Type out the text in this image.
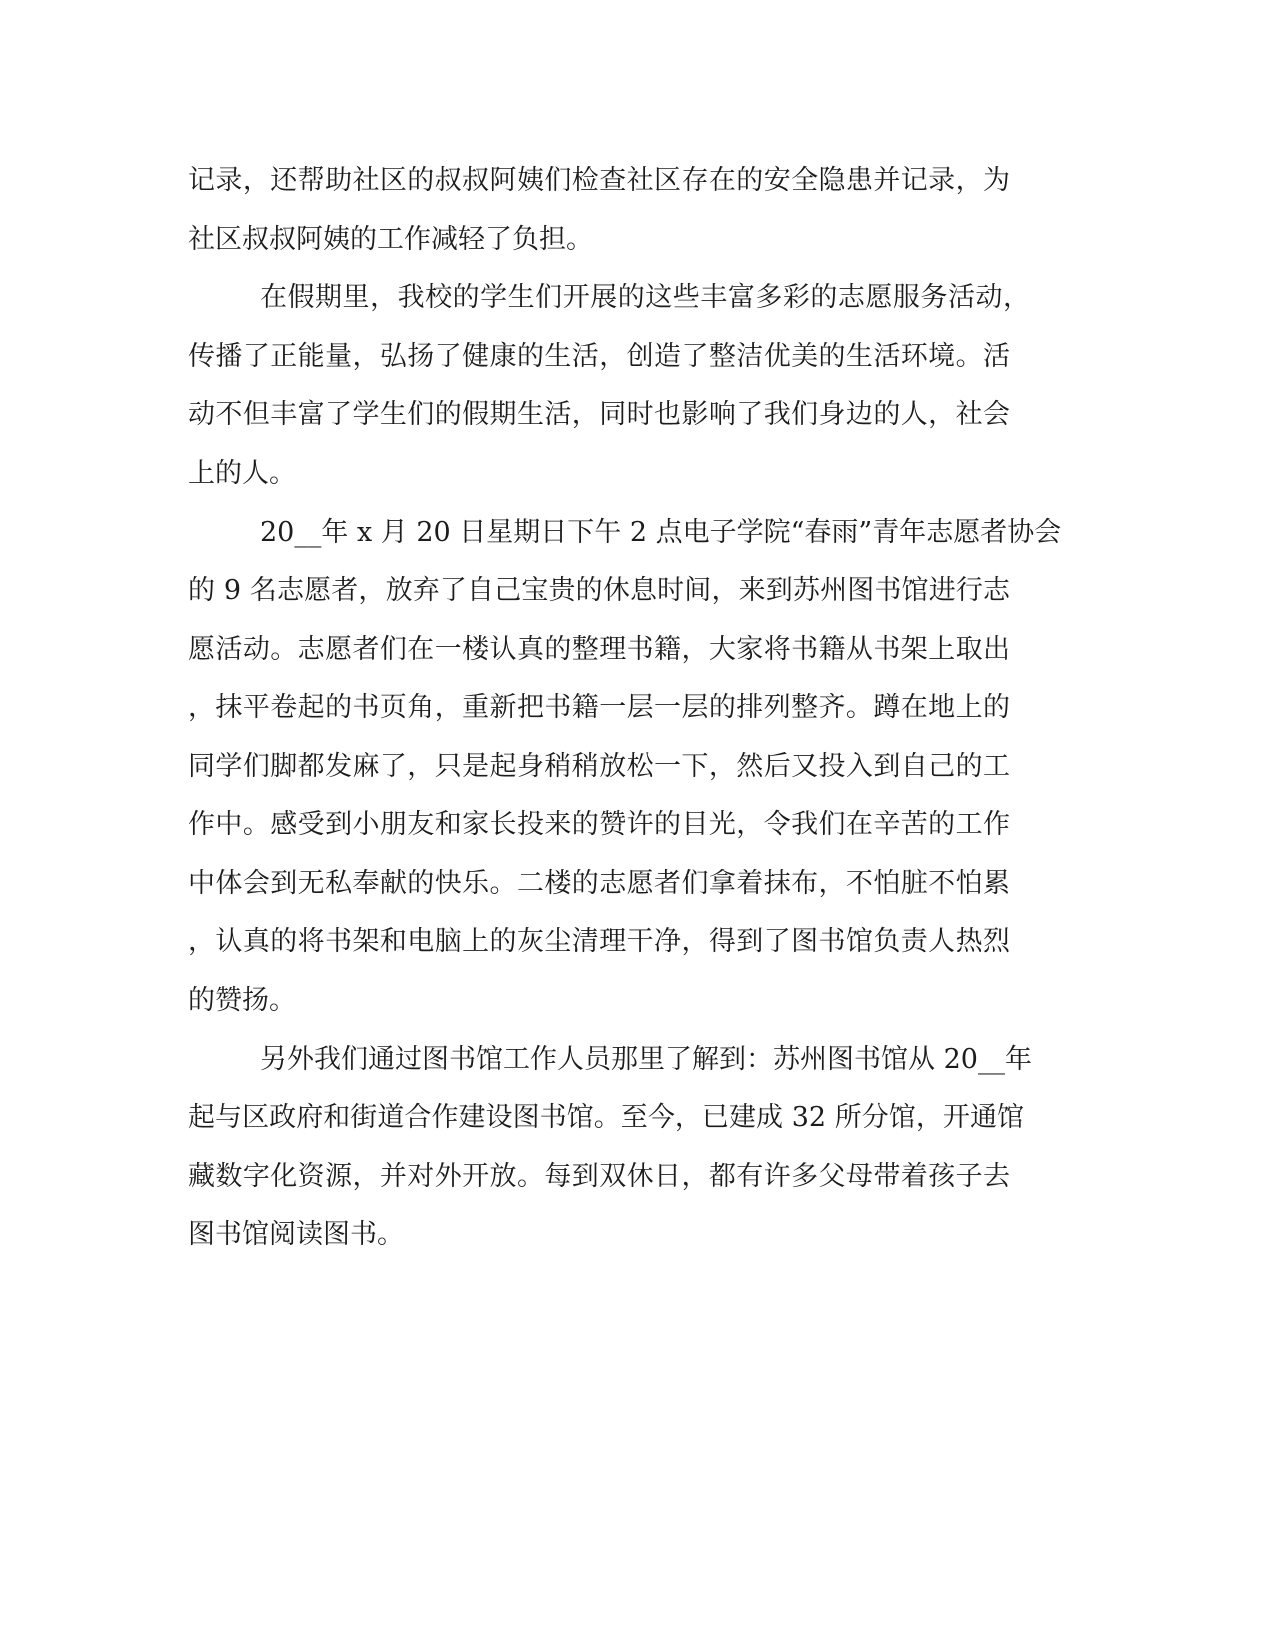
记录，还帮助社区的叔叔阿姨们检查社区存在的安全隐患并记录，为
社区叔叔阿姨的工作减轻了负担。
在假期里，我校的学生们开展的这些丰富多彩的志愿服务活动，
传播了正能量，弘扬了健康的生活，创造了整洁优美的生活环境。活
动不但丰富了学生们的假期生活，同时也影响了我们身边的人，社会
上的人。
20__年 x 月 20 日星期日下午 2 点电子学院“春雨”青年志愿者协会
的 9 名志愿者，放弃了自己宝贵的休息时间，来到苏州图书馆进行志
愿活动。志愿者们在一楼认真的整理书籍，大家将书籍从书架上取出
，抹平卷起的书页角，重新把书籍一层一层的排列整齐。蹲在地上的
同学们脚都发麻了，只是起身稍稍放松一下，然后又投入到自己的工
作中。感受到小朋友和家长投来的赞许的目光，令我们在辛苦的工作
中体会到无私奉献的快乐。二楼的志愿者们拿着抹布，不怕脏不怕累
，认真的将书架和电脑上的灰尘清理干净，得到了图书馆负责人热烈
的赞扬。
另外我们通过图书馆工作人员那里了解到：苏州图书馆从 20__年
起与区政府和街道合作建设图书馆。至今，已建成 32 所分馆，开通馆
藏数字化资源，并对外开放。每到双休日，都有许多父母带着孩子去
图书馆阅读图书。
